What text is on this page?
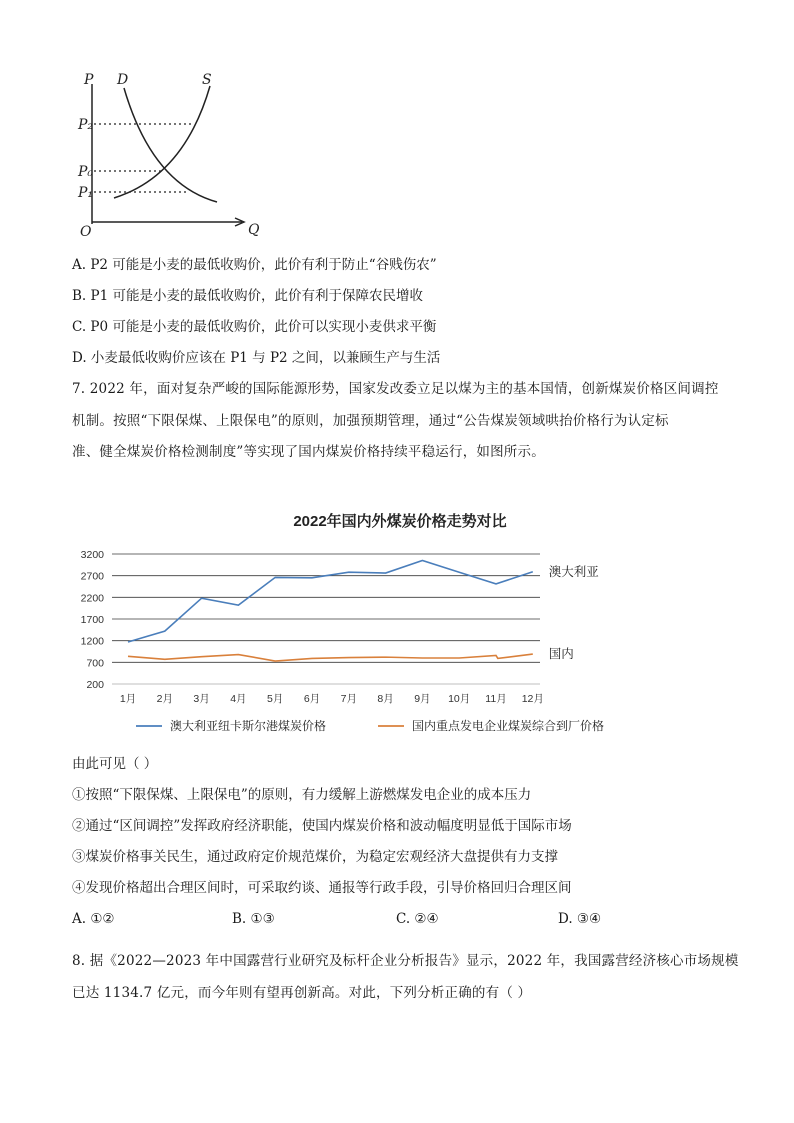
P D	S
P₂
P₀
P₁
O	Q
A. P2 可能是小麦的最低收购价，此价有利于防止“谷贱伤农”
B. P1 可能是小麦的最低收购价，此价有利于保障农民增收
C. P0 可能是小麦的最低收购价，此价可以实现小麦供求平衡
D. 小麦最低收购价应该在 P1 与 P2 之间，以兼顾生产与生活
7. 2022 年，面对复杂严峻的国际能源形势，国家发改委立足以煤为主的基本国情，创新煤炭价格区间调控
机制。按照“下限保煤、上限保电”的原则，加强预期管理，通过“公告煤炭领域哄抬价格行为认定标
准、健全煤炭价格检测制度”等实现了国内煤炭价格持续平稳运行，如图所示。
2022年国内外煤炭价格走势对比
200
700
1200
1700
2200
2700
3200
1月 2月 3月 4月 5月 6月 7月 8月 9月 10月 11月 12月
澳大利亚
国内
澳大利亚纽卡斯尔港煤炭价格	国内重点发电企业煤炭综合到厂价格
由此可见（ ）
①按照“下限保煤、上限保电”的原则，有力缓解上游燃煤发电企业的成本压力
②通过“区间调控”发挥政府经济职能，使国内煤炭价格和波动幅度明显低于国际市场
③煤炭价格事关民生，通过政府定价规范煤价，为稳定宏观经济大盘提供有力支撑
④发现价格超出合理区间时，可采取约谈、通报等行政手段，引导价格回归合理区间
A. ①②	B. ①③	C. ②④	D. ③④
8. 据《2022—2023 年中国露营行业研究及标杆企业分析报告》显示，2022 年，我国露营经济核心市场规模
已达 1134.7 亿元，而今年则有望再创新高。对此，下列分析正确的有（ ）
